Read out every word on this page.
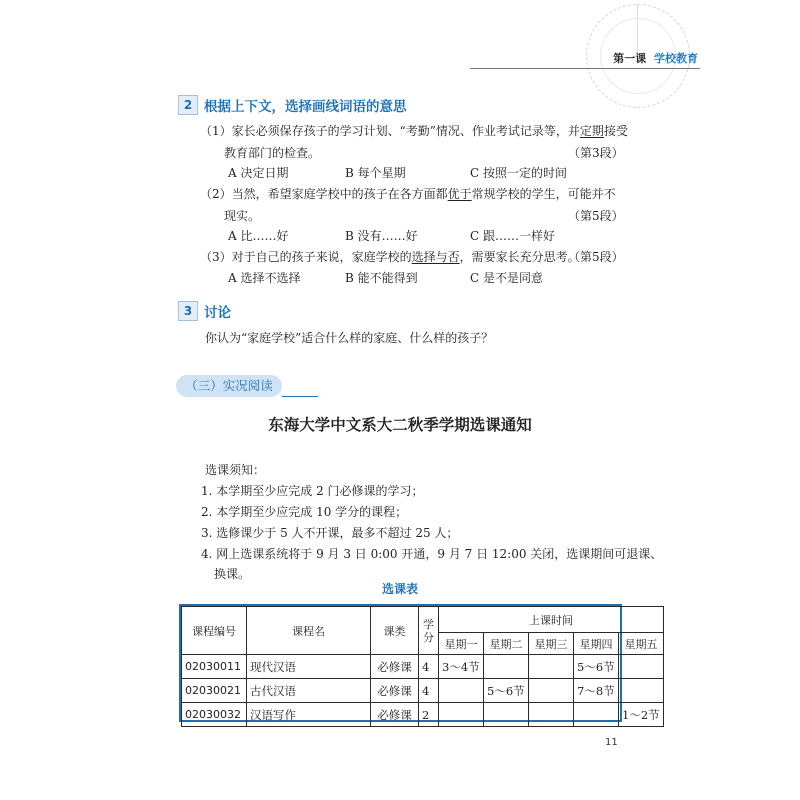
第一课 学校教育
2 根据上下文，选择画线词语的意思
（1）家长必须保存孩子的学习计划、“考勤”情况、作业考试记录等，并定期接受
教育部门的检查。	（第3段）
A 决定日期	B 每个星期	C 按照一定的时间
（2）当然，希望家庭学校中的孩子在各方面都优于常规学校的学生，可能并不
现实。	（第5段）
A 比……好	B 没有……好	C 跟……一样好
（3）对于自己的孩子来说，家庭学校的选择与否，需要家长充分思考。
（第5段）
A 选择不选择	B 能不能得到	C 是不是同意
3 讨论
你认为“家庭学校”适合什么样的家庭、什么样的孩子？
（三）实况阅读
东海大学中文系大二秋季学期选课通知
选课须知：
1. 本学期至少应完成 2 门必修课的学习；
2. 本学期至少应完成 10 学分的课程；
3. 选修课少于 5 人不开课，最多不超过 25 人；
4. 网上选课系统将于 9 月 3 日 0:00 开通，9 月 7 日 12:00 关闭，选课期间可退课、
换课。
选课表
课程编号	课程名	课类	学分	上课时间				
				星期一	星期二	星期三	星期四	星期五
02030011	现代汉语	必修课	4	3～4节			5～6节	
02030021	古代汉语	必修课	4		5～6节		7～8节	
02030032	汉语写作	必修课	2					1～2节
11
